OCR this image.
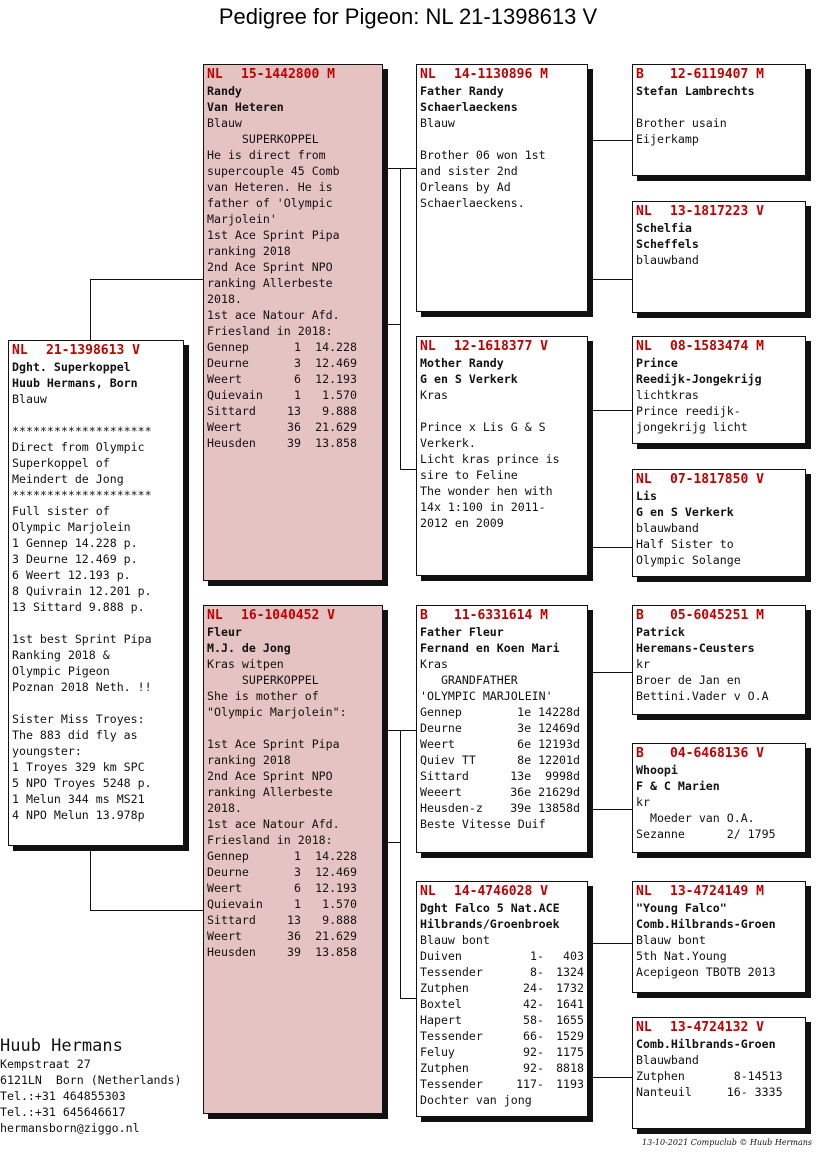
Pedigree for Pigeon: NL 21-1398613 V
NL	21-1398613 V
Dght. Superkoppel
Huub Hermans, Born
Blauw
********************
Direct from Olympic
Superkoppel of
Meindert de Jong
********************
Full sister of
Olympic Marjolein
1 Gennep 14.228 p.
3 Deurne 12.469 p.
6 Weert 12.193 p.
8 Quivrain 12.201 p.
13 Sittard 9.888 p.
1st best Sprint Pipa
Ranking 2018 &
Olympic Pigeon
Poznan 2018 Neth. !!
Sister Miss Troyes:
The 883 did fly as
youngster:
1 Troyes 329 km SPC
5 NPO Troyes 5248 p.
1 Melun 344 ms MS21
4 NPO Melun 13.978p
NL	15-1442800 M
Randy
Van Heteren
Blauw
SUPERKOPPEL
He is direct from
supercouple 45 Comb
van Heteren. He is
father of 'Olympic
Marjolein'
1st Ace Sprint Pipa
ranking 2018
2nd Ace Sprint NPO
ranking Allerbeste
2018.
1st ace Natour Afd.
Friesland in 2018:
Gennep	1	14.228
Deurne	3	12.469
Weert	6	12.193
Quievain	1	1.570
Sittard	13	9.888
Weert	36	21.629
Heusden	39	13.858
NL	16-1040452 V
Fleur
M.J. de Jong
Kras witpen
SUPERKOPPEL
She is mother of
"Olympic Marjolein":
1st Ace Sprint Pipa
ranking 2018
2nd Ace Sprint NPO
ranking Allerbeste
2018.
1st ace Natour Afd.
Friesland in 2018:
Gennep	1	14.228
Deurne	3	12.469
Weert	6	12.193
Quievain	1	1.570
Sittard	13	9.888
Weert	36	21.629
Heusden	39	13.858
NL	14-1130896 M
Father Randy
Schaerlaeckens
Blauw
Brother 06 won 1st
and sister 2nd
Orleans by Ad
Schaerlaeckens.
NL	12-1618377 V
Mother Randy
G en S Verkerk
Kras
Prince x Lis G & S
Verkerk.
Licht kras prince is
sire to Feline
The wonder hen with
14x 1:100 in 2011-
2012 en 2009
B	11-6331614 M
Father Fleur
Fernand en Koen Mari
Kras
GRANDFATHER
'OLYMPIC MARJOLEIN'
Gennep	1e 14228d
Deurne	3e 12469d
Weert	6e 12193d
Quiev TT	8e 12201d
Sittard	13e  9998d
Weeert	36e 21629d
Heusden-z	39e 13858d
Beste Vitesse Duif
NL	14-4746028 V
Dght Falco 5 Nat.ACE
Hilbrands/Groenbroek
Blauw bont
Duiven	1-	403
Tessender	8-	1324
Zutphen	24-	1732
Boxtel	42-	1641
Hapert	58-	1655
Tessender	66-	1529
Feluy	92-	1175
Zutphen	92-	8818
Tessender	117-	1193
Dochter van jong
B	12-6119407 M
Stefan Lambrechts
Brother usain
Eijerkamp
NL	13-1817223 V
Schelfia
Scheffels
blauwband
NL	08-1583474 M
Prince
Reedijk-Jongekrijg
lichtkras
Prince reedijk-
jongekrijg licht
NL	07-1817850 V
Lis
G en S Verkerk
blauwband
Half Sister to
Olympic Solange
B	05-6045251 M
Patrick
Heremans-Ceusters
kr
Broer de Jan en
Bettini.Vader v O.A
B	04-6468136 V
Whoopi
F & C Marien
kr
Moeder van O.A.
Sezanne      2/ 1795
NL	13-4724149 M
"Young Falco"
Comb.Hilbrands-Groen
Blauw bont
5th Nat.Young
Acepigeon TBOTB 2013
NL	13-4724132 V
Comb.Hilbrands-Groen
Blauwband
Zutphen       8-14513
Nanteuil     16- 3335
Huub Hermans
Kempstraat 27
6121LN  Born (Netherlands)
Tel.:+31 464855303
Tel.:+31 645646617
hermansborn@ziggo.nl
13-10-2021 Compuclub © Huub Hermans
